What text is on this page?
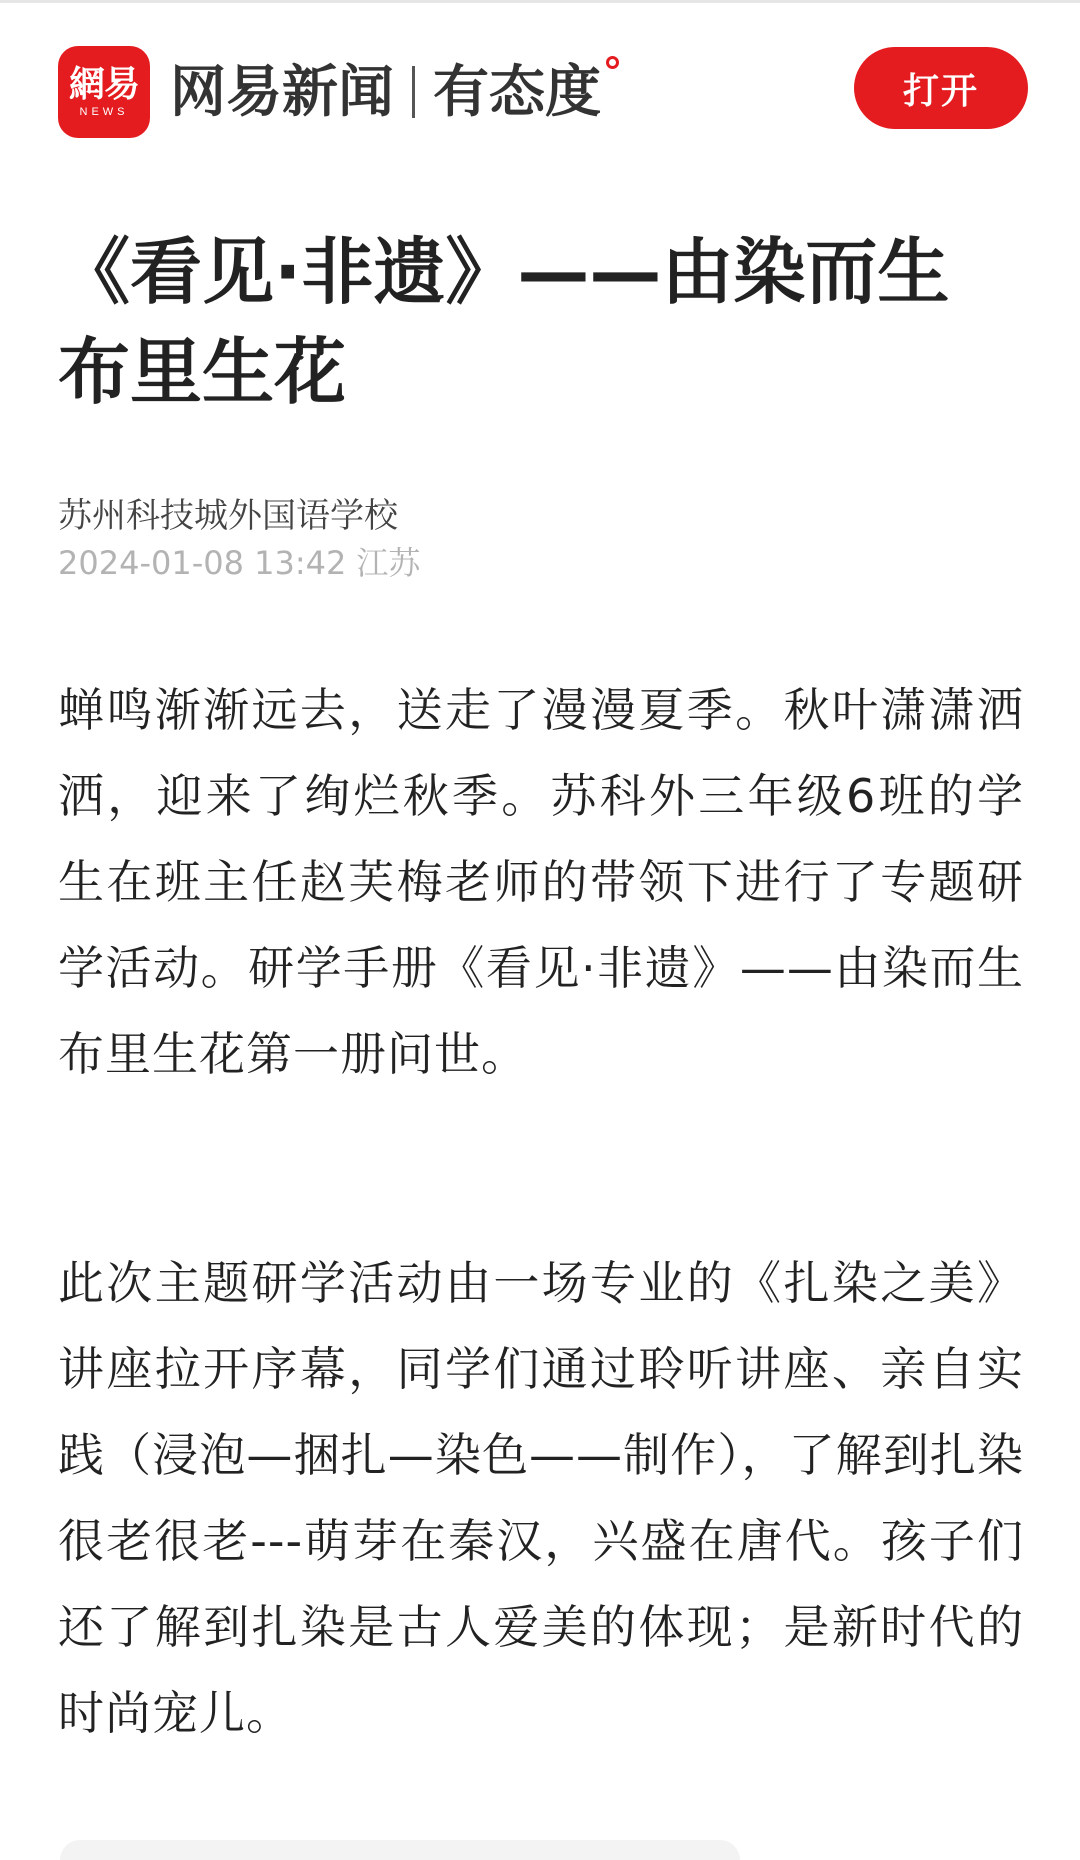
網易
NEWS 网易新闻 有态度	打开
《看见·非遗》——由染而生 布里生花
苏州科技城外国语学校
2024-01-08 13:42 江苏

蝉鸣渐渐远去，送走了漫漫夏季。秋叶潇潇洒洒，迎来了绚烂秋季。苏科外三年级6班的学生在班主任赵芙梅老师的带领下进行了专题研学活动。研学手册《看见·非遗》——由染而生 布里生花第一册问世。

此次主题研学活动由一场专业的《扎染之美》讲座拉开序幕，同学们通过聆听讲座、亲自实践（浸泡—捆扎—染色——制作），了解到扎染很老很老---萌芽在秦汉，兴盛在唐代。孩子们还了解到扎染是古人爱美的体现；是新时代的时尚宠儿。
